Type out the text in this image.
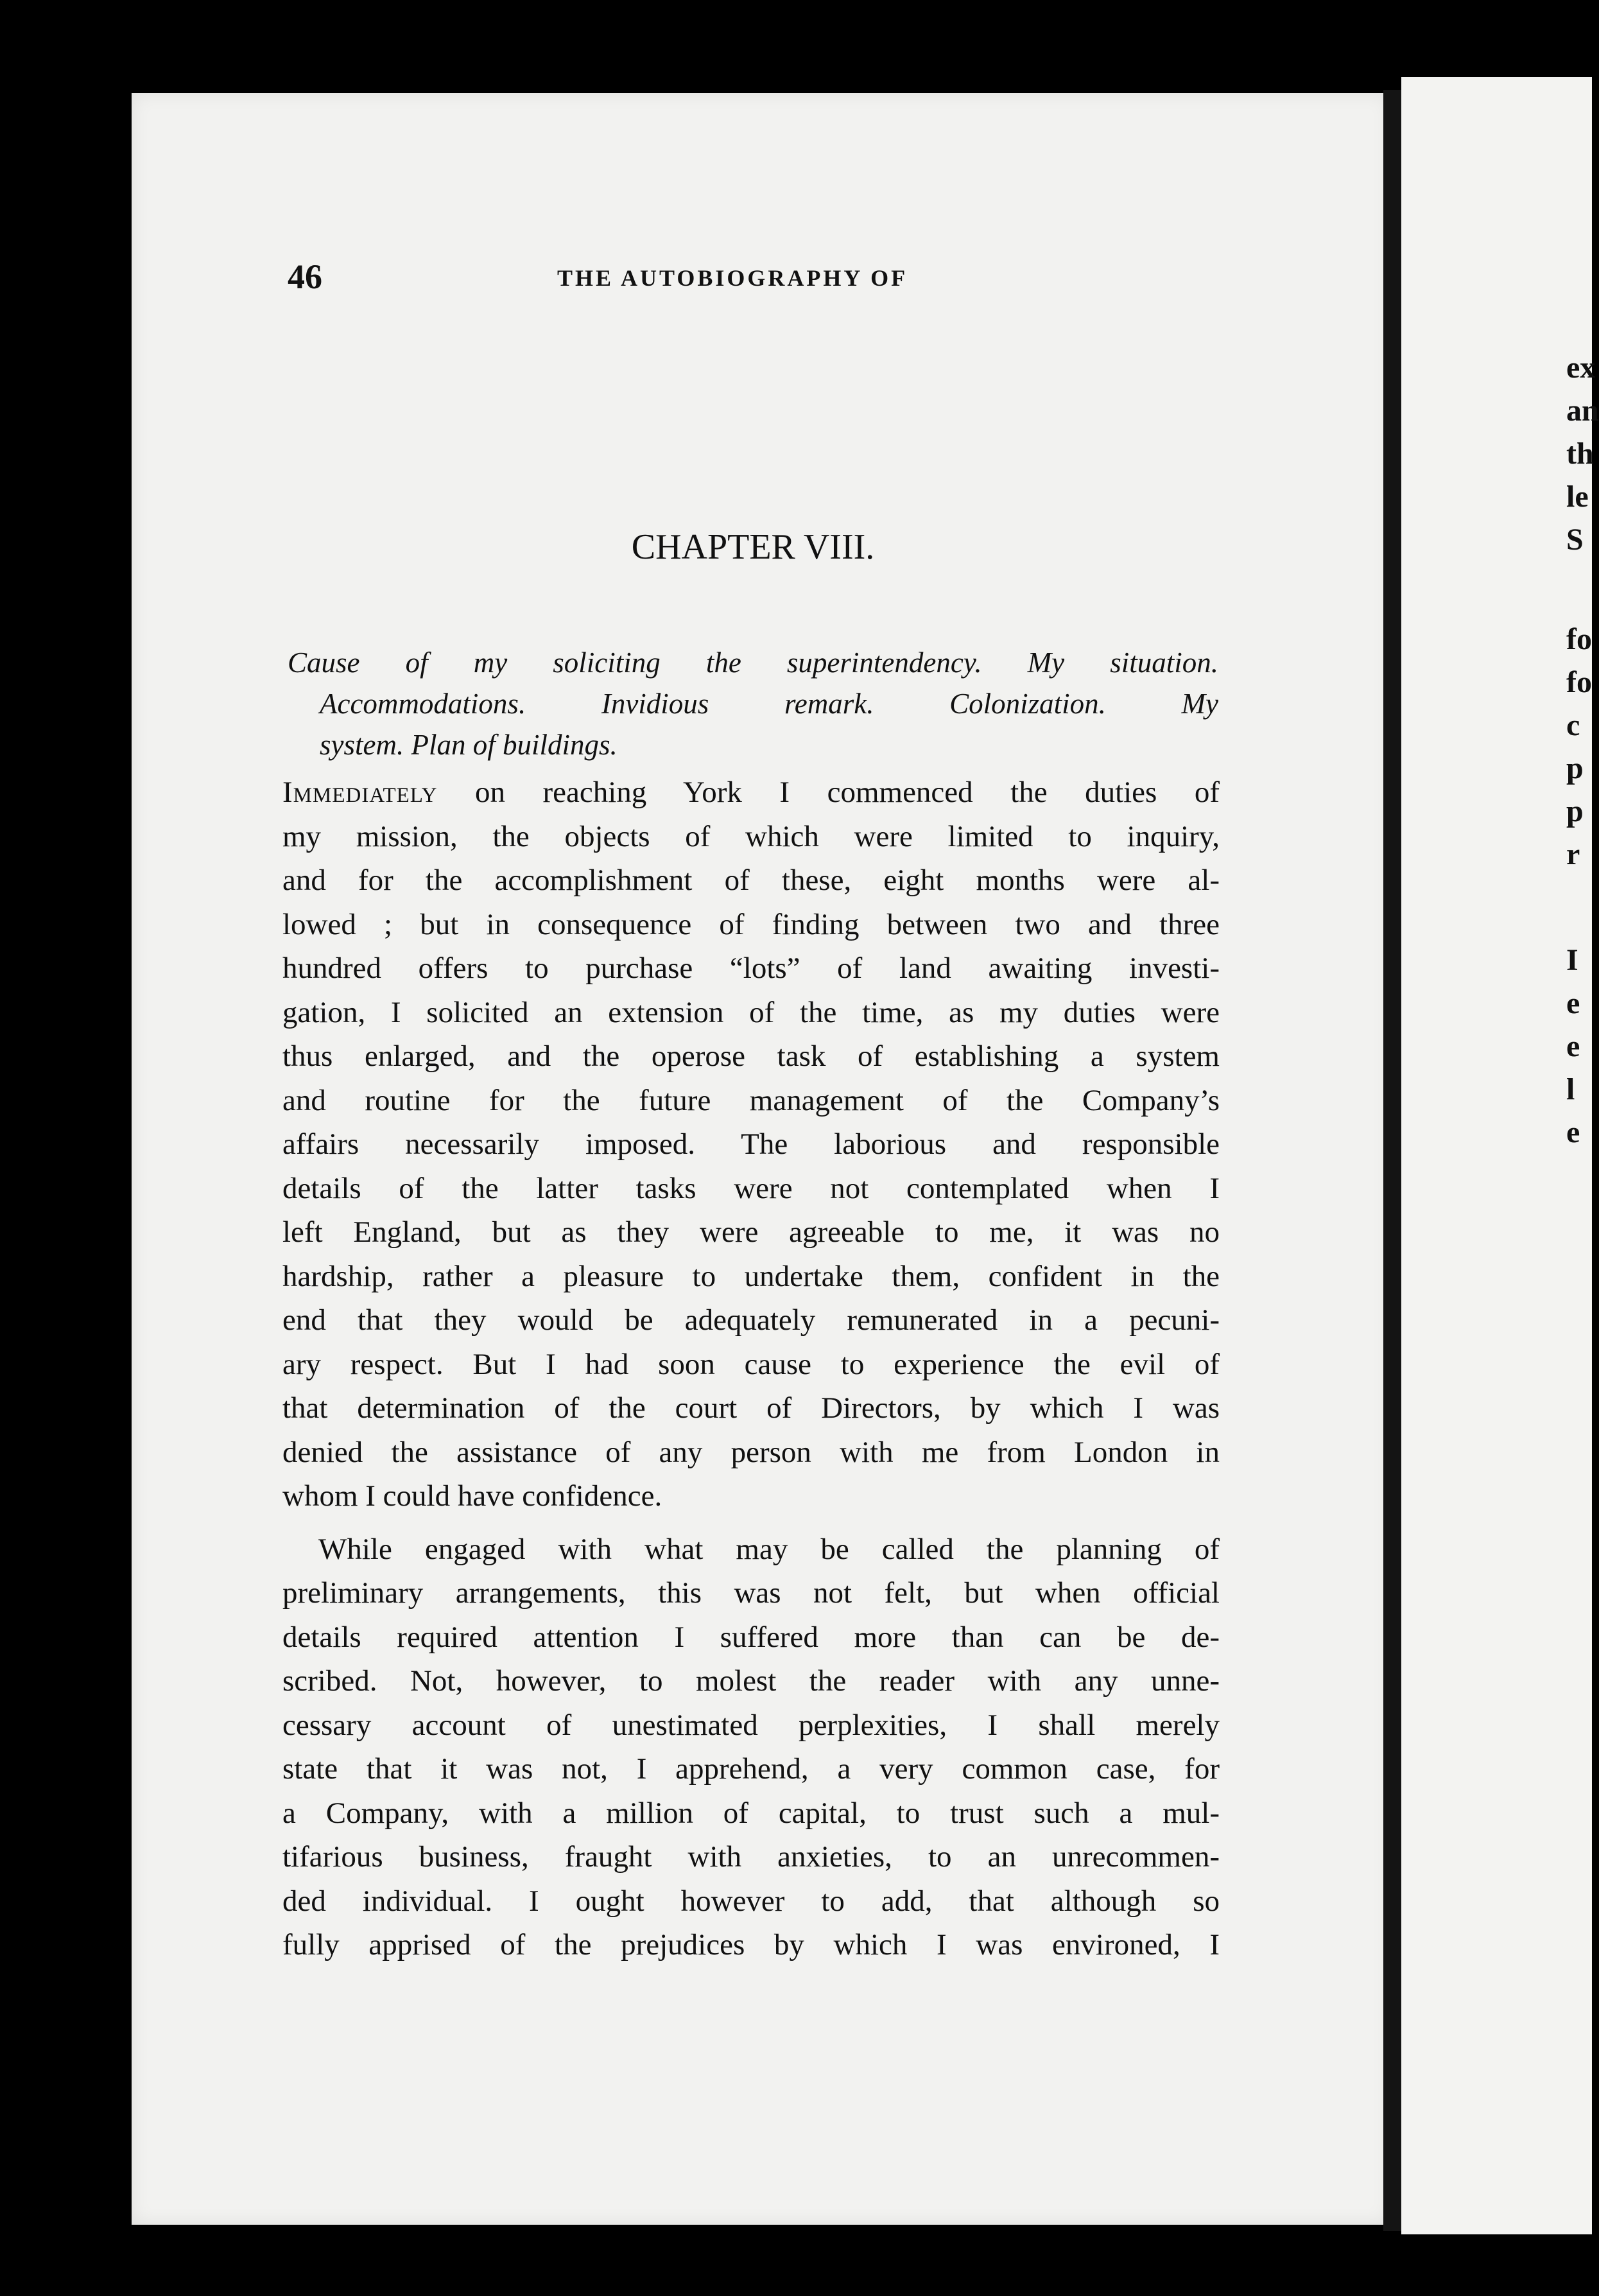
46	THE AUTOBIOGRAPHY OF
CHAPTER VIII.
Cause of my soliciting the superintendency. My situation.
Accommodations. Invidious remark. Colonization. My
system. Plan of buildings.
Immediately on reaching York I commenced the duties of
my mission, the objects of which were limited to inquiry,
and for the accomplishment of these, eight months were al-
lowed ; but in consequence of finding between two and three
hundred offers to purchase “lots” of land awaiting investi-
gation, I solicited an extension of the time, as my duties were
thus enlarged, and the operose task of establishing a system
and routine for the future management of the Company’s
affairs necessarily imposed. The laborious and responsible
details of the latter tasks were not contemplated when I
left England, but as they were agreeable to me, it was no
hardship, rather a pleasure to undertake them, confident in the
end that they would be adequately remunerated in a pecuni-
ary respect. But I had soon cause to experience the evil of
that determination of the court of Directors, by which I was
denied the assistance of any person with me from London in
whom I could have confidence.
While engaged with what may be called the planning of
preliminary arrangements, this was not felt, but when official
details required attention I suffered more than can be de-
scribed. Not, however, to molest the reader with any unne-
cessary account of unestimated perplexities, I shall merely
state that it was not, I apprehend, a very common case, for
a Company, with a million of capital, to trust such a mul-
tifarious business, fraught with anxieties, to an unrecommen-
ded individual. I ought however to add, that although so
fully apprised of the prejudices by which I was environed, I
ex
an
th
le
S
fo
fo
c
p
p
r
I
e
e
l
e
